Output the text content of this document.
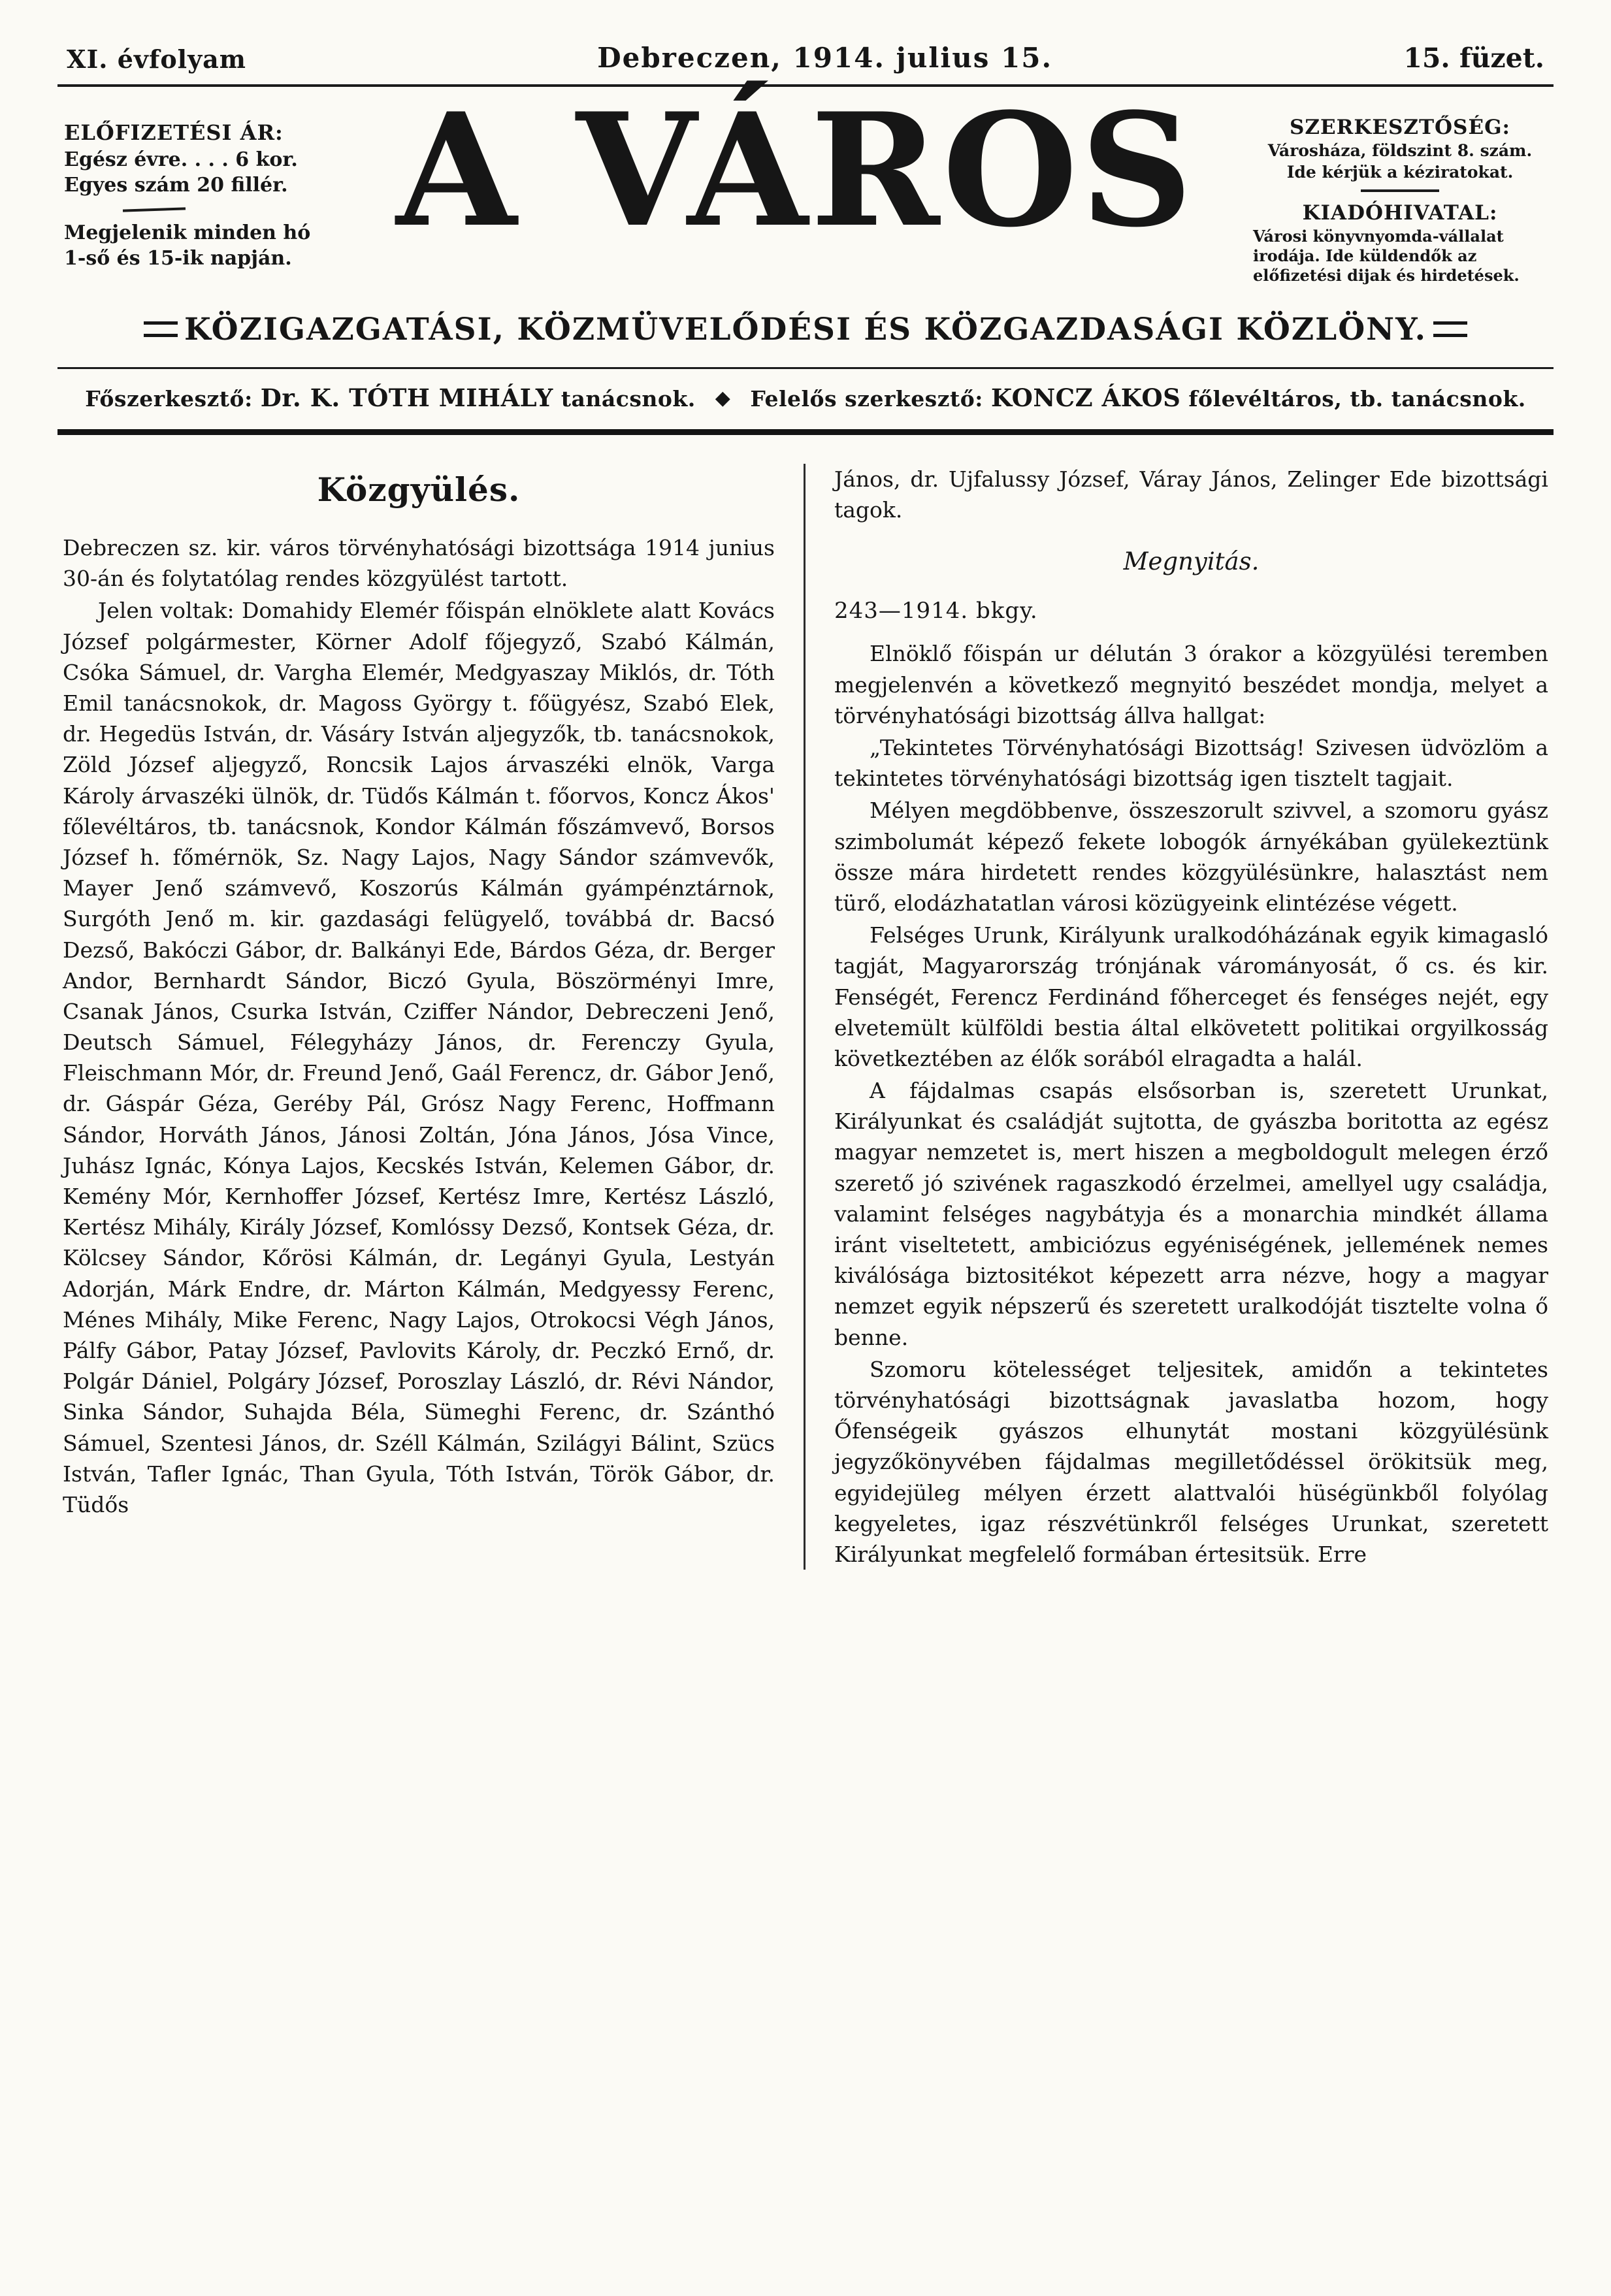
XI. évfolyam	Debreczen, 1914. julius 15.	15. füzet.
ELŐFIZETÉSI ÁR:
Egész évre. . . . 6 kor.
Egyes szám 20 fillér.
Megjelenik minden hó
1-ső és 15-ik napján. A VÁROS	SZERKESZTŐSÉG:
Városháza, földszint 8. szám.
Ide kérjük a kéziratokat.
KIADÓHIVATAL:
Városi könyvnyomda-vállalat irodája. Ide küldendők az előfizetési dijak és hirdetések.
KÖZIGAZGATÁSI, KÖZMÜVELŐDÉSI ÉS KÖZGAZDASÁGI KÖZLÖNY.
Főszerkesztő: Dr. K. TÓTH MIHÁLY tanácsnok. ◆ Felelős szerkesztő: KONCZ ÁKOS főlevéltáros, tb. tanácsnok.
Közgyülés.

Debreczen sz. kir. város törvényhatósági bizottsága 1914 junius 30-án és folytatólag rendes közgyülést tartott.

Jelen voltak: Domahidy Elemér főispán elnöklete alatt Kovács József polgármester, Körner Adolf főjegyző, Szabó Kálmán, Csóka Sámuel, dr. Vargha Elemér, Medgyaszay Miklós, dr. Tóth Emil tanácsnokok, dr. Magoss György t. főügyész, Szabó Elek, dr. Hegedüs István, dr. Vásáry István aljegyzők, tb. tanácsnokok, Zöld József aljegyző, Roncsik Lajos árvaszéki elnök, Varga Károly árvaszéki ülnök, dr. Tüdős Kálmán t. főorvos, Koncz Ákos' főlevéltáros, tb. tanácsnok, Kondor Kálmán főszámvevő, Borsos József h. főmérnök, Sz. Nagy Lajos, Nagy Sándor számvevők, Mayer Jenő számvevő, Koszorús Kálmán gyámpénztárnok, Surgóth Jenő m. kir. gazdasági felügyelő, továbbá dr. Bacsó Dezső, Bakóczi Gábor, dr. Balkányi Ede, Bárdos Géza, dr. Berger Andor, Bernhardt Sándor, Biczó Gyula, Böszörményi Imre, Csanak János, Csurka István, Cziffer Nándor, Debreczeni Jenő, Deutsch Sámuel, Félegyházy János, dr. Ferenczy Gyula, Fleischmann Mór, dr. Freund Jenő, Gaál Ferencz, dr. Gábor Jenő, dr. Gáspár Géza, Geréby Pál, Grósz Nagy Ferenc, Hoffmann Sándor, Horváth János, Jánosi Zoltán, Jóna János, Jósa Vince, Juhász Ignác, Kónya Lajos, Kecskés István, Kelemen Gábor, dr. Kemény Mór, Kernhoffer József, Kertész Imre, Kertész László, Kertész Mihály, Király József, Komlóssy Dezső, Kontsek Géza, dr. Kölcsey Sándor, Kőrösi Kálmán, dr. Legányi Gyula, Lestyán Adorján, Márk Endre, dr. Márton Kálmán, Medgyessy Ferenc, Ménes Mihály, Mike Ferenc, Nagy Lajos, Otrokocsi Végh János, Pálfy Gábor, Patay József, Pavlovits Károly, dr. Peczkó Ernő, dr. Polgár Dániel, Polgáry József, Poroszlay László, dr. Révi Nándor, Sinka Sándor, Suhajda Béla, Sümeghi Ferenc, dr. Szánthó Sámuel, Szentesi János, dr. Széll Kálmán, Szilágyi Bálint, Szücs István, Tafler Ignác, Than Gyula, Tóth István, Török Gábor, dr. Tüdős

János, dr. Ujfalussy József, Váray János, Zelinger Ede bizottsági tagok.

Megnyitás.

243—1914. bkgy.

Elnöklő főispán ur délután 3 órakor a közgyülési teremben megjelenvén a következő megnyitó beszédet mondja, melyet a törvényhatósági bizottság állva hallgat:

„Tekintetes Törvényhatósági Bizottság! Szivesen üdvözlöm a tekintetes törvényhatósági bizottság igen tisztelt tagjait.

Mélyen megdöbbenve, összeszorult szivvel, a szomoru gyász szimbolumát képező fekete lobogók árnyékában gyülekeztünk össze mára hirdetett rendes közgyülésünkre, halasztást nem türő, elodázhatatlan városi közügyeink elintézése végett.

Felséges Urunk, Királyunk uralkodóházának egyik kimagasló tagját, Magyarország trónjának várományosát, ő cs. és kir. Fenségét, Ferencz Ferdinánd főherceget és fenséges nejét, egy elvetemült külföldi bestia által elkövetett politikai orgyilkosság következtében az élők sorából elragadta a halál.

A fájdalmas csapás elsősorban is, szeretett Urunkat, Királyunkat és családját sujtotta, de gyászba boritotta az egész magyar nemzetet is, mert hiszen a megboldogult melegen érző szerető jó szivének ragaszkodó érzelmei, amellyel ugy családja, valamint felséges nagybátyja és a monarchia mindkét állama iránt viseltetett, ambiciózus egyéniségének, jellemének nemes kiválósága biztositékot képezett arra nézve, hogy a magyar nemzet egyik népszerű és szeretett uralkodóját tisztelte volna ő benne.

Szomoru kötelességet teljesitek, amidőn a tekintetes törvényhatósági bizottságnak javaslatba hozom, hogy Őfenségeik gyászos elhunytát mostani közgyülésünk jegyzőkönyvében fájdalmas megilletődéssel örökitsük meg, egyidejüleg mélyen érzett alattvalói hüségünkből folyólag kegyeletes, igaz részvétünkről felséges Urunkat, szeretett Királyunkat megfelelő formában értesitsük. Erre
